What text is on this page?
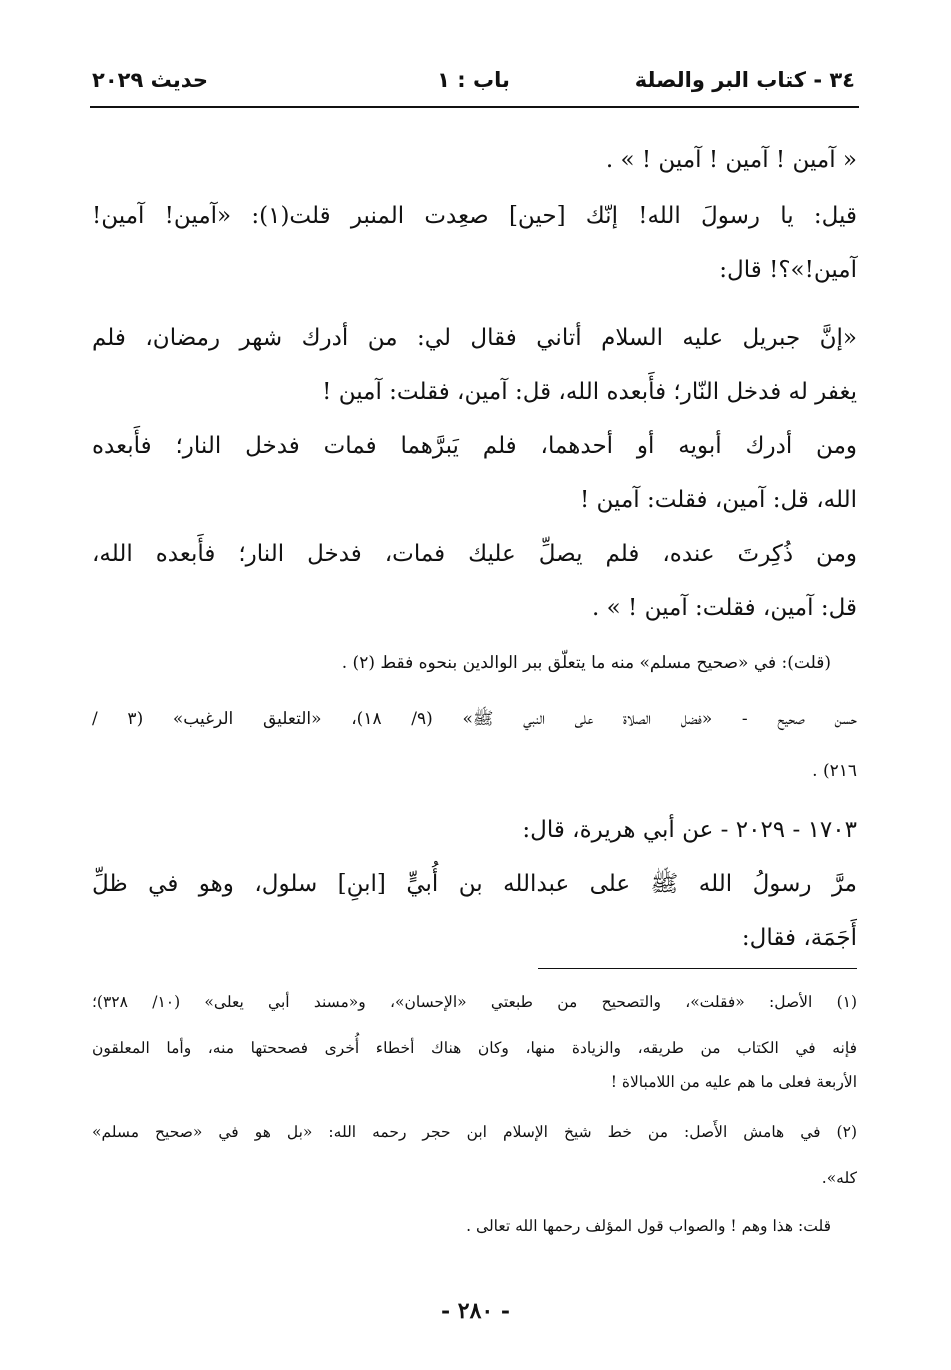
٣٤ - كتاب البر والصلة
باب : ١
حديث ٢٠٢٩
« آمين ! آمين ! آمين ! » .
قيل: يا رسولَ الله! إنّك [حين] صعِدت المنبر قلت(١): «آمين! آمين!
آمين!»؟! قال:
«إنَّ جبريل عليه السلام أتاني فقال لي: من أدرك شهر رمضان، فلم
يغفر له فدخل النّار؛ فأَبعده الله، قل: آمين، فقلت: آمين !
ومن أدرك أبويه أو أحدهما، فلم يَبرَّهما فمات فدخل النار؛ فأَبعده
الله، قل: آمين، فقلت: آمين !
ومن ذُكِرتَ عنده، فلم يصلِّ عليك فمات، فدخل النار؛ فأَبعده الله،
قل: آمين، فقلت: آمين ! » .
(قلت): في «صحيح مسلم» منه ما يتعلّق ببر الوالدين بنحوه فقط (٢) .
حسن صحيح - «فضل الصلاة على النبي ﷺ» (٩/ ١٨)، «التعليق الرغيب» (٣ /
٢١٦) .
١٧٠٣ - ٢٠٢٩ - عن أبي هريرة، قال:
مرَّ رسولُ الله ﷺ على عبدالله بن أُبيٍّ [ابنِ] سلول، وهو في ظلِّ
أَجَمَة، فقال:
(١) الأصل: «فقلت»، والتصحيح من طبعتي «الإحسان»، و«مسند أبي يعلى» (١٠/ ٣٢٨)؛
فإنه في الكتاب من طريقه، والزيادة منها، وكان هناك أخطاء أُخرى فصححتها منه، وأما المعلقون
الأربعة فعلى ما هم عليه من اللامبالاة !
(٢) في هامش الأَصل: من خط شيخ الإسلام ابن حجر رحمه الله: «بل هو في «صحيح مسلم»
كله».
قلت: هذا وهم ! والصواب قول المؤلف رحمها الله تعالى .
- ٢٨٠ -
